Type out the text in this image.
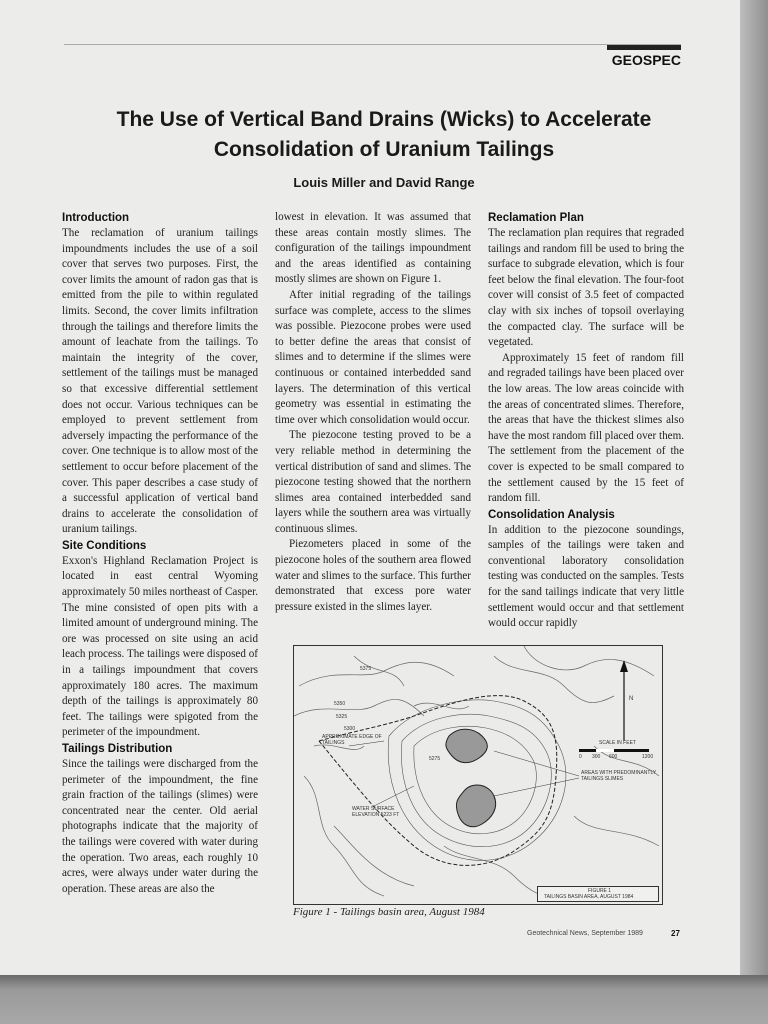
GEOSPEC
The Use of Vertical Band Drains (Wicks) to Accelerate Consolidation of Uranium Tailings
Louis Miller and David Range
Introduction

The reclamation of uranium tailings impoundments includes the use of a soil cover that serves two purposes. First, the cover limits the amount of radon gas that is emitted from the pile to within regulated limits. Second, the cover limits infiltration through the tailings and therefore limits the amount of leachate from the tailings. To maintain the integrity of the cover, settlement of the tailings must be managed so that excessive differential settlement does not occur. Various techniques can be employed to prevent settlement from adversely impacting the performance of the cover. One technique is to allow most of the settlement to occur before placement of the cover. This paper describes a case study of a successful application of vertical band drains to accelerate the consolidation of uranium tailings.

Site Conditions

Exxon's Highland Reclamation Project is located in east central Wyoming approximately 50 miles northeast of Casper. The mine consisted of open pits with a limited amount of underground mining. The ore was processed on site using an acid leach process. The tailings were disposed of in a tailings impoundment that covers approximately 180 acres. The maximum depth of the tailings is approximately 80 feet. The tailings were spigoted from the perimeter of the impoundment.

Tailings Distribution

Since the tailings were discharged from the perimeter of the impoundment, the fine grain fraction of the tailings (slimes) were concentrated near the center. Old aerial photographs indicate that the majority of the tailings were covered with water during the operation. Two areas, each roughly 10 acres, were always under water during the operation. These areas are also the

lowest in elevation. It was assumed that these areas contain mostly slimes. The configuration of the tailings impoundment and the areas identified as containing mostly slimes are shown on Figure 1.

After initial regrading of the tailings surface was complete, access to the slimes was possible. Piezocone probes were used to better define the areas that consist of slimes and to determine if the slimes were continuous or contained interbedded sand layers. The determination of this vertical geometry was essential in estimating the time over which consolidation would occur.

The piezocone testing proved to be a very reliable method in determining the vertical distribution of sand and slimes. The piezocone testing showed that the northern slimes area contained interbedded sand layers while the southern area was virtually continuous slimes.

Piezometers placed in some of the piezocone holes of the southern area flowed water and slimes to the surface. This further demonstrated that excess pore water pressure existed in the slimes layer.

Reclamation Plan

The reclamation plan requires that regraded tailings and random fill be used to bring the surface to subgrade elevation, which is four feet below the final elevation. The four-foot cover will consist of 3.5 feet of compacted clay with six inches of topsoil overlaying the compacted clay. The surface will be vegetated.

Approximately 15 feet of random fill and regraded tailings have been placed over the low areas. The low areas coincide with the areas of concentrated slimes. Therefore, the areas that have the thickest slimes also have the most random fill placed over them. The settlement from the placement of the cover is expected to be small compared to the settlement caused by the 15 feet of random fill.

Consolidation Analysis

In addition to the piezocone soundings, samples of the tailings were taken and conventional laboratory consolidation testing was conducted on the samples. Tests for the sand tailings indicate that very little settlement would occur and that settlement would occur rapidly

N
APPROXIMATE EDGE OF TAILINGS
WATER SURFACE ELEVATION 5223 FT
SCALE IN FEET
0 300 600	1200
AREAS WITH PREDOMINANTLY TAILINGS SLIMES
5375
5350
5325
5300
5275
FIGURE 1
TAILINGS BASIN AREA, AUGUST 1984
Figure 1 - Tailings basin area, August 1984
Geotechnical News, September 1989	27
